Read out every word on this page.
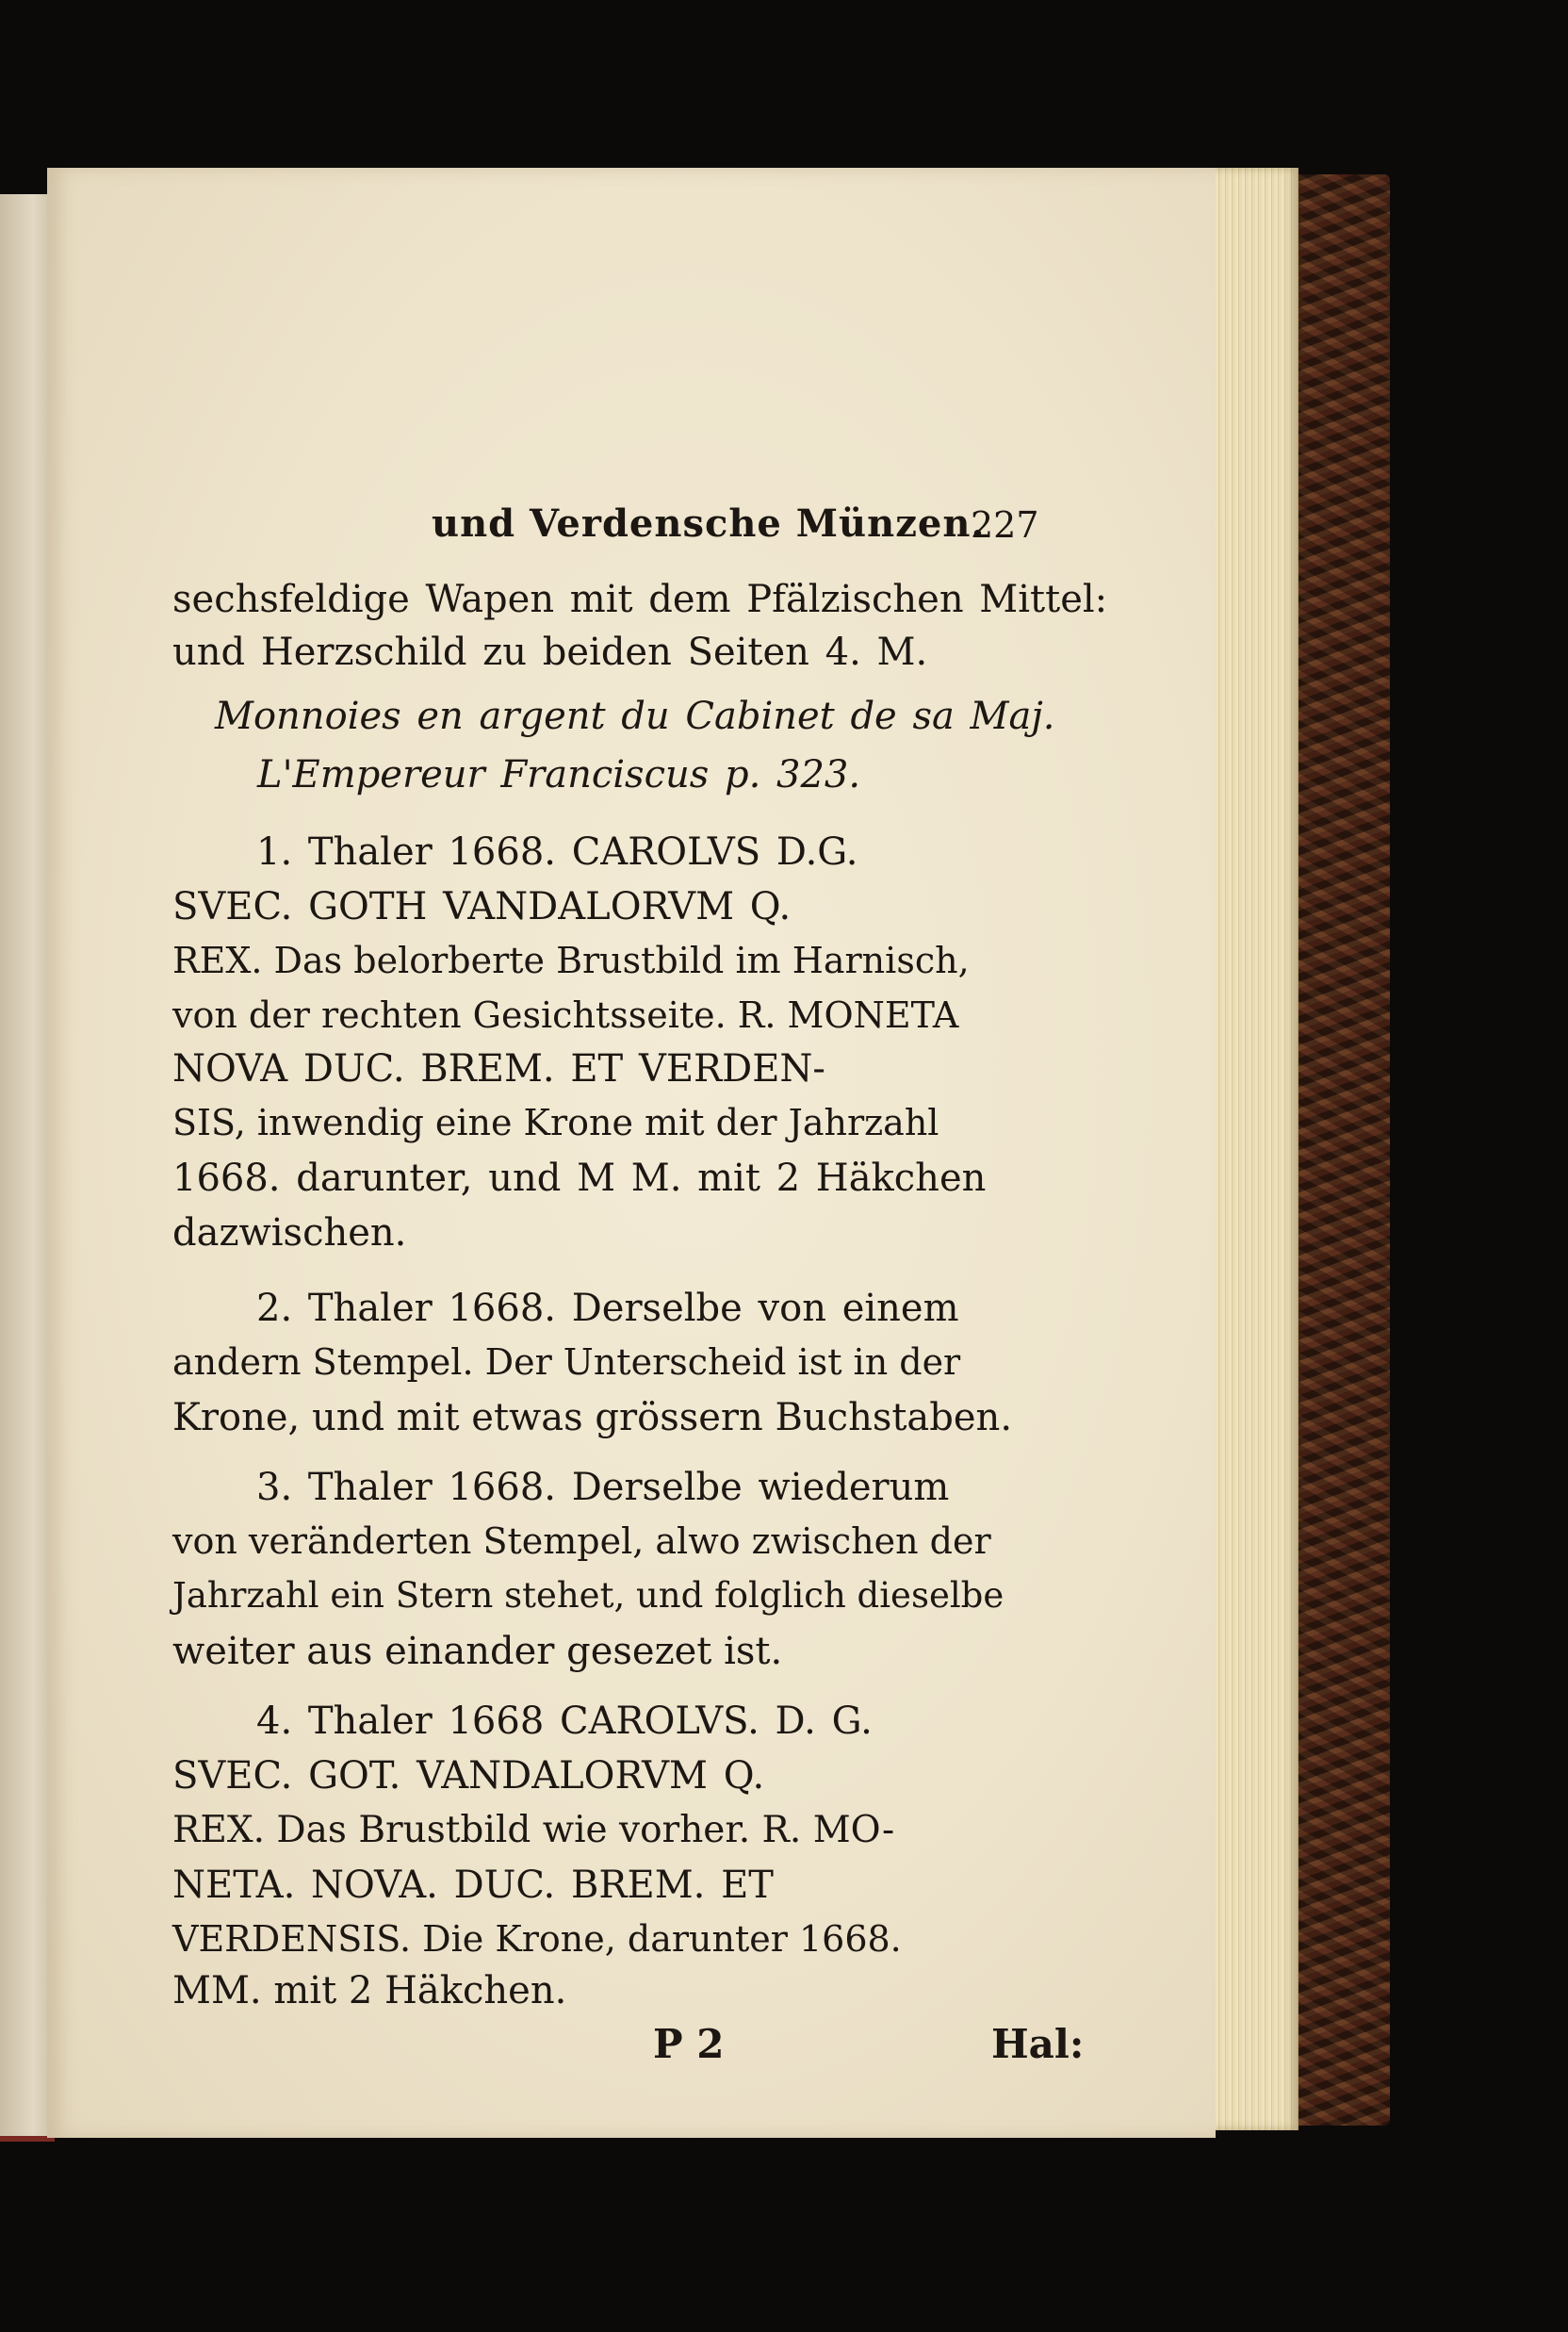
und Verdensche Münzen.
227
sechsfeldige Wapen mit dem Pfälzischen Mittel:
und Herzschild zu beiden Seiten 4. M.
Monnoies en argent du Cabinet de sa Maj.
L'Empereur Franciscus p. 323.
1. Thaler 1668. CAROLVS D.G.
SVEC. GOTH VANDALORVM Q.
REX. Das belorberte Brustbild im Harnisch,
von der rechten Gesichtsseite. R. MONETA
NOVA DUC. BREM. ET VERDEN-
SIS, inwendig eine Krone mit der Jahrzahl
1668. darunter, und M M. mit 2 Häkchen
dazwischen.
2. Thaler 1668. Derselbe von einem
andern Stempel. Der Unterscheid ist in der
Krone, und mit etwas grössern Buchstaben.
3. Thaler 1668. Derselbe wiederum
von veränderten Stempel, alwo zwischen der
Jahrzahl ein Stern stehet, und folglich dieselbe
weiter aus einander gesezet ist.
4. Thaler 1668 CAROLVS. D. G.
SVEC. GOT. VANDALORVM Q.
REX. Das Brustbild wie vorher. R. MO-
NETA. NOVA. DUC. BREM. ET
VERDENSIS. Die Krone, darunter 1668.
MM. mit 2 Häkchen.
P 2	Hal:
